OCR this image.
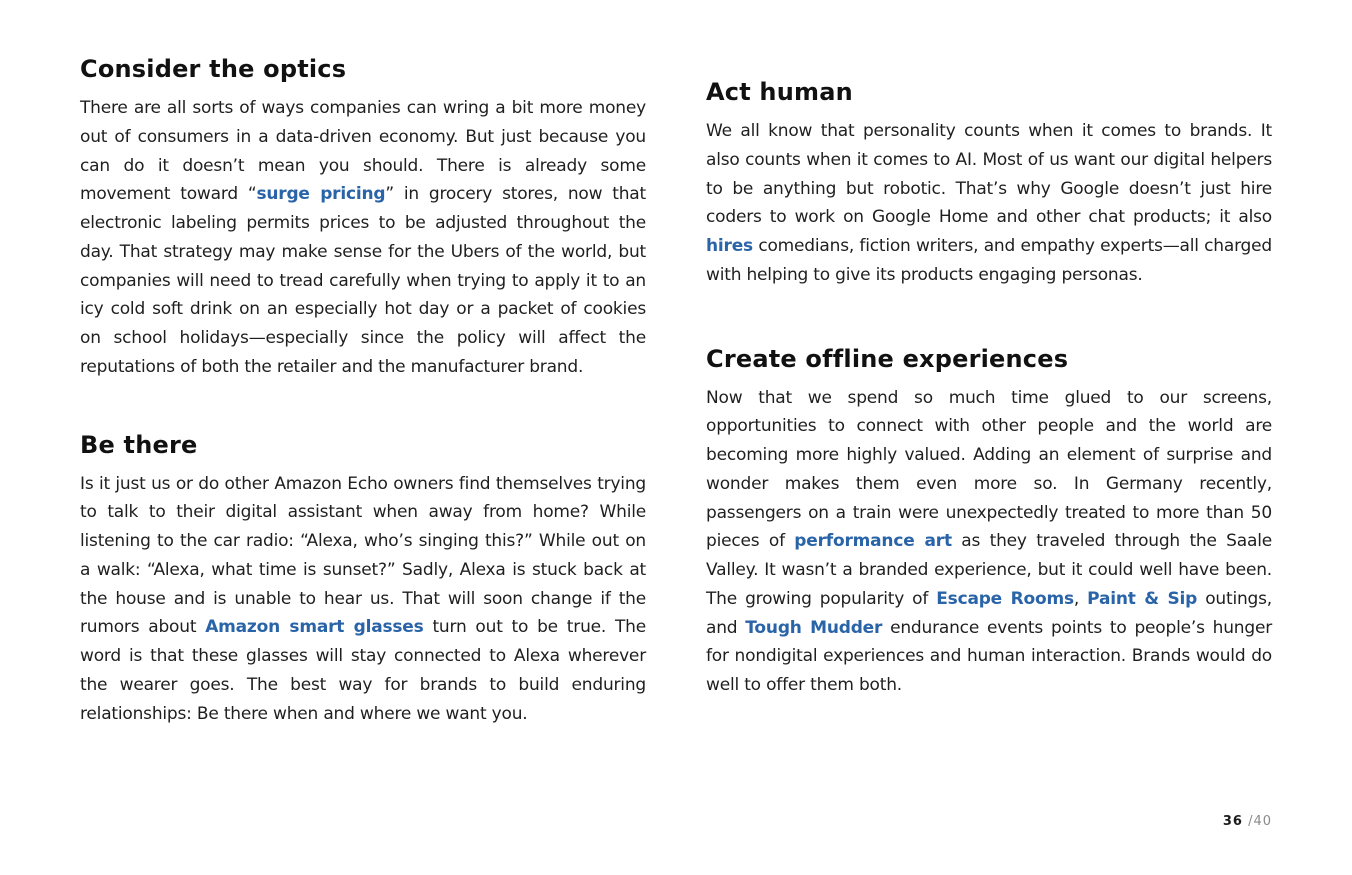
Consider the optics

There are all sorts of ways companies can wring a bit more money out of consumers in a data-driven economy. But just because you can do it doesn’t mean you should. There is already some movement toward “surge pricing” in grocery stores, now that electronic labeling permits prices to be adjusted throughout the day. That strategy may make sense for the Ubers of the world, but companies will need to tread carefully when trying to apply it to an icy cold soft drink on an especially hot day or a packet of cookies on school holidays—especially since the policy will affect the reputations of both the retailer and the manufacturer brand.

Be there

Is it just us or do other Amazon Echo owners find themselves trying to talk to their digital assistant when away from home? While listening to the car radio: “Alexa, who’s singing this?” While out on a walk: “Alexa, what time is sunset?” Sadly, Alexa is stuck back at the house and is unable to hear us. That will soon change if the rumors about Amazon smart glasses turn out to be true. The word is that these glasses will stay connected to Alexa wherever the wearer goes. The best way for brands to build enduring relationships: Be there when and where we want you.

Act human

We all know that personality counts when it comes to brands. It also counts when it comes to AI. Most of us want our digital helpers to be anything but robotic. That’s why Google doesn’t just hire coders to work on Google Home and other chat products; it also hires comedians, fiction writers, and empathy experts—all charged with helping to give its products engaging personas.

Create offline experiences

Now that we spend so much time glued to our screens, opportunities to connect with other people and the world are becoming more highly valued. Adding an element of surprise and wonder makes them even more so. In Germany recently, passengers on a train were unexpectedly treated to more than 50 pieces of performance art as they traveled through the Saale Valley. It wasn’t a branded experience, but it could well have been. The growing popularity of Escape Rooms, Paint & Sip outings, and Tough Mudder endurance events points to people’s hunger for nondigital experiences and human interaction. Brands would do well to offer them both.

36 /40
